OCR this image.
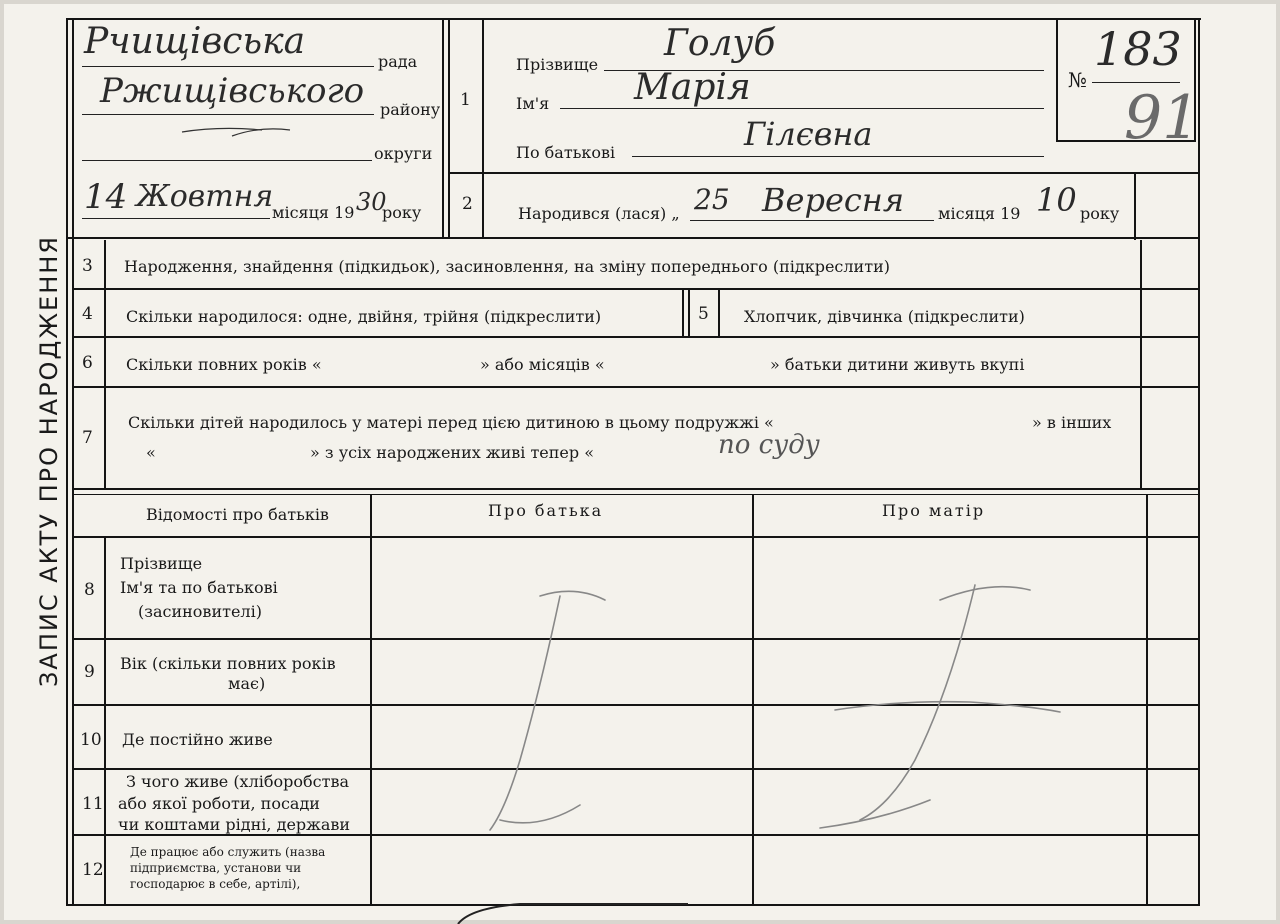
ЗАПИС АКТУ ПРО НАРОДЖЕННЯ
Рчищівська	рада
Ржищівського району
округи
14 Жовтня
місяця 19 30
року
1
Прізвище
Голуб
Ім'я Марія
По батькові	Гілєвна
№
183
91
2	Народився (лася) „ 25 Вересня місяця 19 10 року
3 Народження, знайдення (підкидьок), засиновлення, на зміну попереднього (підкреслити)
4 Скільки народилося: одне, двійня, трійня (підкреслити)	5 Хлопчик, дівчинка (підкреслити)
6 Скільки повних років «	» або місяців «	» батьки дитини живуть вкупі
7
Скільки дітей народилось у матері перед цією дитиною в цьому подружжі «	» в інших
«	» з усіх народжених живі тепер «	по суду
Відомості про батьків	Про батька	Про матір
8
Прізвище
Ім'я та по батькові
(засиновителі)
9 Вік (скільки повних років
має)
10 Де постійно живе
11
З чого живе (хліборобства
або якої роботи, посади
чи коштами рідні, держави
12
Де працює або служить (назва
підприємства, установи чи
господарює в себе, артілі),
